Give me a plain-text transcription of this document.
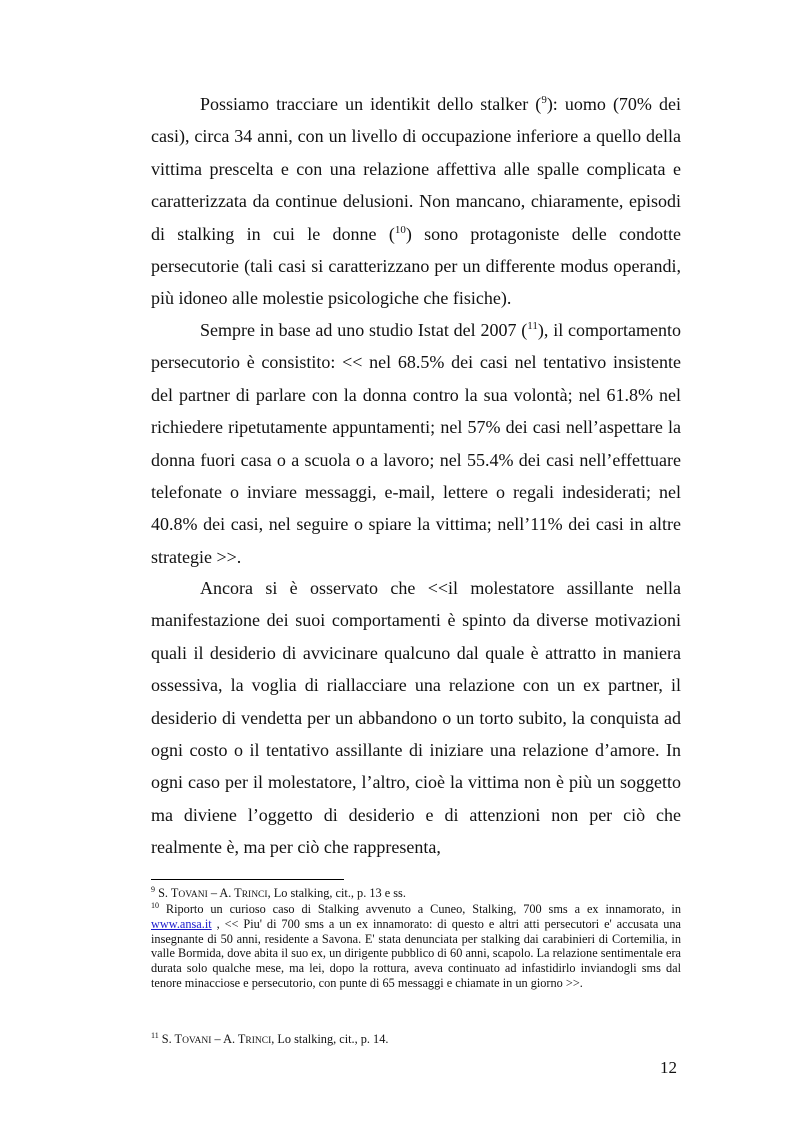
Possiamo tracciare un identikit dello stalker ($^9$): uomo (70% dei casi), circa 34 anni, con un livello di occupazione inferiore a quello della vittima prescelta e con una relazione affettiva alle spalle complicata e caratterizzata da continue delusioni. Non mancano, chiaramente, episodi di stalking in cui le donne ($^{10}$) sono protagoniste delle condotte persecutorie (tali casi si caratterizzano per un differente modus operandi, più idoneo alle molestie psicologiche che fisiche).

Sempre in base ad uno studio Istat del 2007 ($^{11}$), il comportamento persecutorio è consistito: << nel 68.5% dei casi nel tentativo insistente del partner di parlare con la donna contro la sua volontà; nel 61.8% nel richiedere ripetutamente appuntamenti; nel 57% dei casi nell’aspettare la donna fuori casa o a scuola o a lavoro; nel 55.4% dei casi nell’effettuare telefonate o inviare messaggi, e-mail, lettere o regali indesiderati; nel 40.8% dei casi, nel seguire o spiare la vittima; nell’11% dei casi in altre strategie >>.

Ancora si è osservato che <<il molestatore assillante nella manifestazione dei suoi comportamenti è spinto da diverse motivazioni quali il desiderio di avvicinare qualcuno dal quale è attratto in maniera ossessiva, la voglia di riallacciare una relazione con un ex partner, il desiderio di vendetta per un abbandono o un torto subito, la conquista ad ogni costo o il tentativo assillante di iniziare una relazione d’amore. In ogni caso per il molestatore, l’altro, cioè la vittima non è più un soggetto ma diviene l’oggetto di desiderio e di attenzioni non per ciò che realmente è, ma per ciò che rappresenta,

$^9$ S. TOVANI – A. TRINCI, Lo stalking, cit., p. 13 e ss.

$^{10}$ Riporto un curioso caso di Stalking avvenuto a Cuneo, Stalking, 700 sms a ex innamorato, in www.ansa.it , << Piu' di 700 sms a un ex innamorato: di questo e altri atti persecutori e' accusata una insegnante di 50 anni, residente a Savona. E' stata denunciata per stalking dai carabinieri di Cortemilia, in valle Bormida, dove abita il suo ex, un dirigente pubblico di 60 anni, scapolo. La relazione sentimentale era durata solo qualche mese, ma lei, dopo la rottura, aveva continuato ad infastidirlo inviandogli sms dal tenore minacciose e persecutorio, con punte di 65 messaggi e chiamate in un giorno >>.

$^{11}$ S. TOVANI – A. TRINCI, Lo stalking, cit., p. 14.

12
